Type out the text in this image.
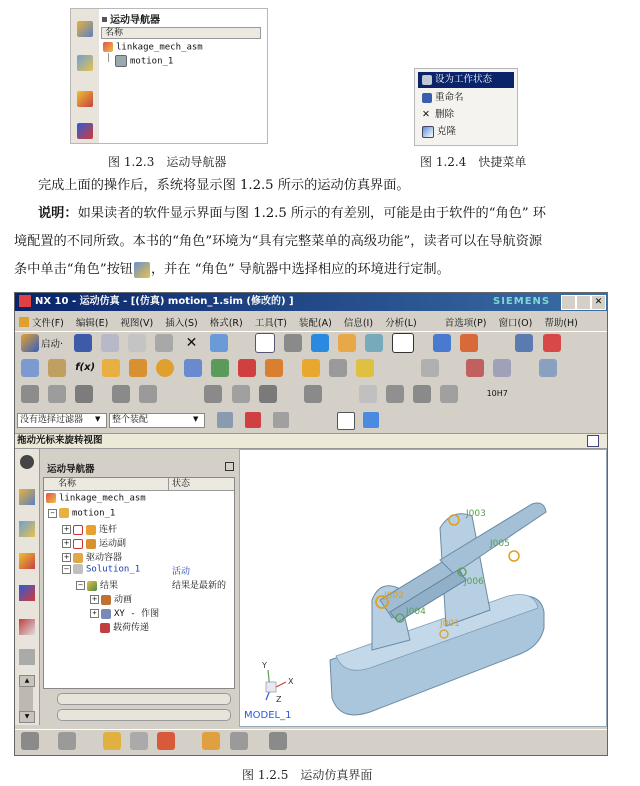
运动导航器
名称
linkage_mech_asm
motion_1
图 1.2.3　运动导航器
设为工作状态
重命名
✕ 删除
克隆
图 1.2.4　快捷菜单
完成上面的操作后，系统将显示图 1.2.5 所示的运动仿真界面。
说明：如果读者的软件显示界面与图 1.2.5 所示的有差别，可能是由于软件的“角色” 环
境配置的不同所致。本书的“角色”环境为“具有完整菜单的高级功能”，读者可以在导航资源
条中单击“角色”按钮 ，并在 “角色” 导航器中选择相应的环境进行定制。
NX 10 - 运动仿真 - [(仿真) motion_1.sim (修改的) ]	SIEMENS	✕
文件(F) 编辑(E) 视图(V) 插入(S) 格式(R) 工具(T) 装配(A) 信息(I) 分析(L)	首选项(P) 窗口(O) 帮助(H)
启动·	✕
f(x)
10H7
没有选择过滤器	▼	整个装配	▼
拖动光标来旋转视图
▲
▼
运动导航器
名称	状态
linkage_mech_asm
− motion_1
+	连杆
+	运动副
+ 驱动容器
− Solution_1	活动
− 结果	结果是最新的
+ 动画
+ XY - 作图
载荷传递
J003
J002
J004
J006
J001
J005
Y
X
Z
MODEL_1

图 1.2.5　运动仿真界面
